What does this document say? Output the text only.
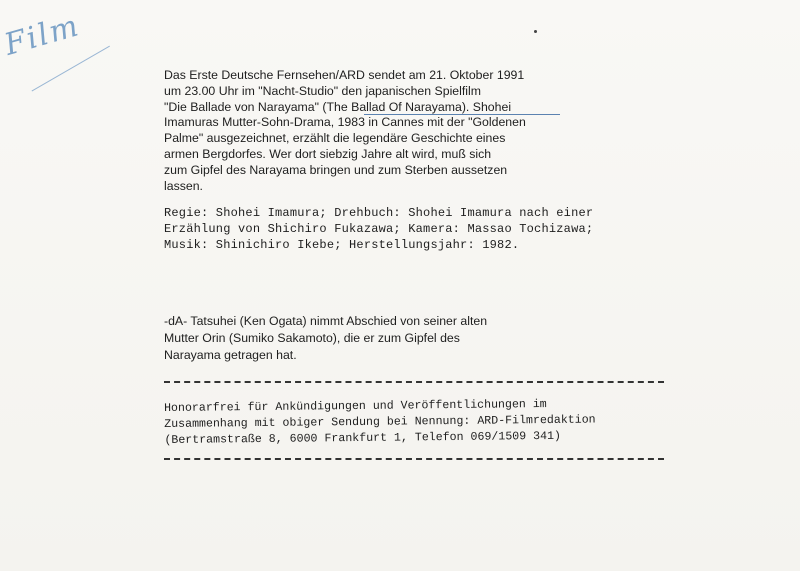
Film
Das Erste Deutsche Fernsehen/ARD sendet am 21. Oktober 1991
um 23.00 Uhr im "Nacht-Studio" den japanischen Spielfilm
"Die Ballade von Narayama" (The Ballad Of Narayama). Shohei
Imamuras Mutter-Sohn-Drama, 1983 in Cannes mit der "Goldenen
Palme" ausgezeichnet, erzählt die legendäre Geschichte eines
armen Bergdorfes. Wer dort siebzig Jahre alt wird, muß sich
zum Gipfel des Narayama bringen und zum Sterben aussetzen
lassen.
Regie: Shohei Imamura; Drehbuch: Shohei Imamura nach einer
Erzählung von Shichiro Fukazawa; Kamera: Massao Tochizawa;
Musik: Shinichiro Ikebe; Herstellungsjahr: 1982.
-dA- Tatsuhei (Ken Ogata) nimmt Abschied von seiner alten
Mutter Orin (Sumiko Sakamoto), die er zum Gipfel des
Narayama getragen hat.
Honorarfrei für Ankündigungen und Veröffentlichungen im
Zusammenhang mit obiger Sendung bei Nennung: ARD-Filmredaktion
(Bertramstraße 8, 6000 Frankfurt 1, Telefon 069/1509 341)
